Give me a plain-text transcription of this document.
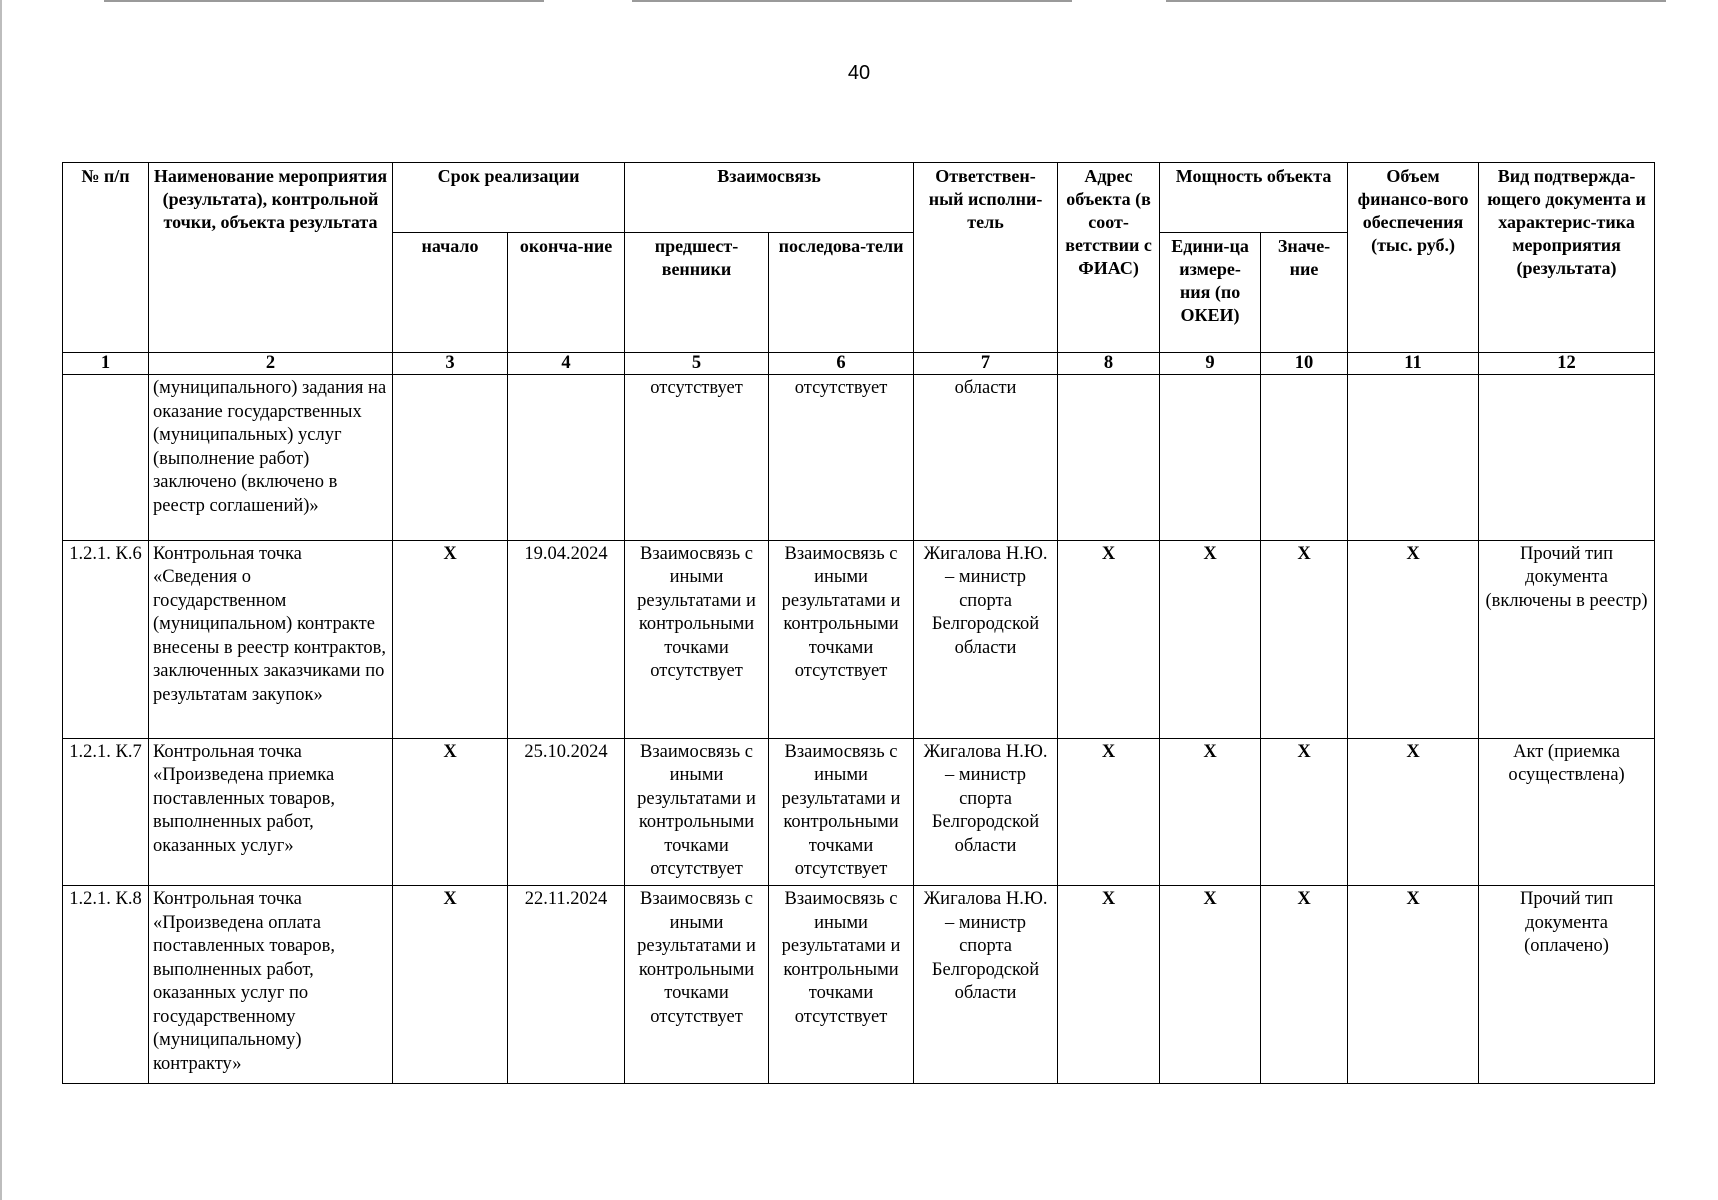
40
№ п/п	Наименование мероприятия (результата), контрольной точки, объекта результата	Срок реализации		Взаимосвязь		Ответствен-ный исполни-тель	Адрес объекта (в соот-ветствии с ФИАС)	Мощность объекта		Объем финансо-вого обеспечения (тыс. руб.)	Вид подтвержда-ющего документа и характерис-тика мероприятия (результата)
		начало	оконча-ние	предшест-венники	последова-тели			Едини-ца измере-ния (по ОКЕИ)	Значе-ние		
1	2	3	4	5	6	7	8	9	10	11	12
	(муниципального) задания на оказание государственных (муниципальных) услуг (выполнение работ) заключено (включено в реестр соглашений)»			отсутствует	отсутствует	области					
1.2.1. К.6	Контрольная точка «Сведения о государственном (муниципальном) контракте внесены в реестр контрактов, заключенных заказчиками по результатам закупок»	X	19.04.2024	Взаимосвязь с иными результатами и контрольными точками отсутствует	Взаимосвязь с иными результатами и контрольными точками отсутствует	Жигалова Н.Ю. – министр спорта Белгородской области	X	X	X	X	Прочий тип документа (включены в реестр)
1.2.1. К.7	Контрольная точка «Произведена приемка поставленных товаров, выполненных работ, оказанных услуг»	X	25.10.2024	Взаимосвязь с иными результатами и контрольными точками отсутствует	Взаимосвязь с иными результатами и контрольными точками отсутствует	Жигалова Н.Ю. – министр спорта Белгородской области	X	X	X	X	Акт (приемка осуществлена)
1.2.1. К.8	Контрольная точка «Произведена оплата поставленных товаров, выполненных работ, оказанных услуг по государственному (муниципальному) контракту»	X	22.11.2024	Взаимосвязь с иными результатами и контрольными точками отсутствует	Взаимосвязь с иными результатами и контрольными точками отсутствует	Жигалова Н.Ю. – министр спорта Белгородской области	X	X	X	X	Прочий тип документа (оплачено)
